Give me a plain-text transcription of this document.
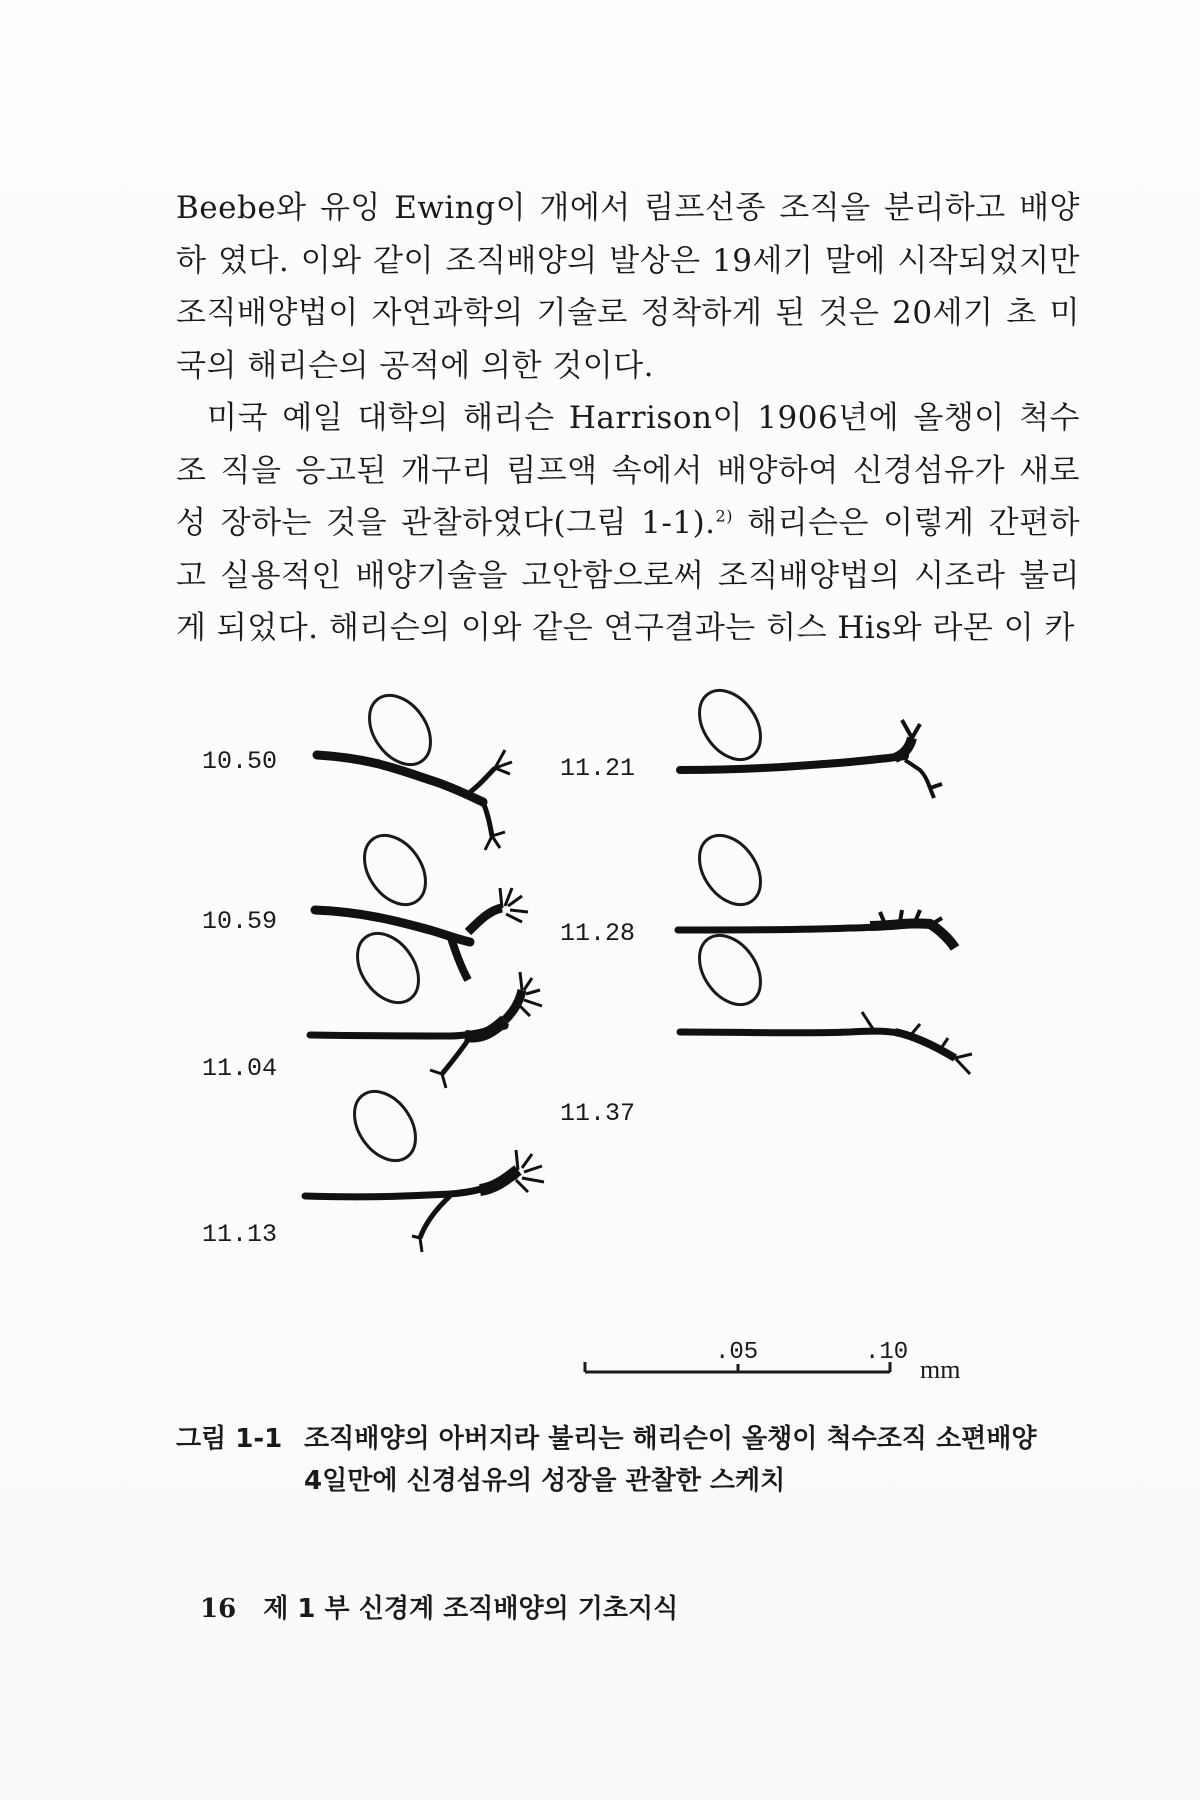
Beebe와 유잉 Ewing이 개에서 림프선종 조직을 분리하고 배양하 였다. 이와 같이 조직배양의 발상은 19세기 말에 시작되었지만 조직배양법이 자연과학의 기술로 정착하게 된 것은 20세기 초 미 국의 해리슨의 공적에 의한 것이다.

미국 예일 대학의 해리슨 Harrison이 1906년에 올챙이 척수조 직을 응고된 개구리 림프액 속에서 배양하여 신경섬유가 새로 성 장하는 것을 관찰하였다(그림 1-1).$^{2)}$ 해리슨은 이렇게 간편하고 실용적인 배양기술을 고안함으로써 조직배양법의 시조라 불리게 되었다. 해리슨의 이와 같은 연구결과는 히스 His와 라몬 이 카

10.50
10.59
11.04
11.13
11.21
11.28
11.37
.05	.10
mm
그림 1-1 조직배양의 아버지라 불리는 해리슨이 올챙이 척수조직 소편배양
4일만에 신경섬유의 성장을 관찰한 스케치
16 제 1 부 신경계 조직배양의 기초지식
